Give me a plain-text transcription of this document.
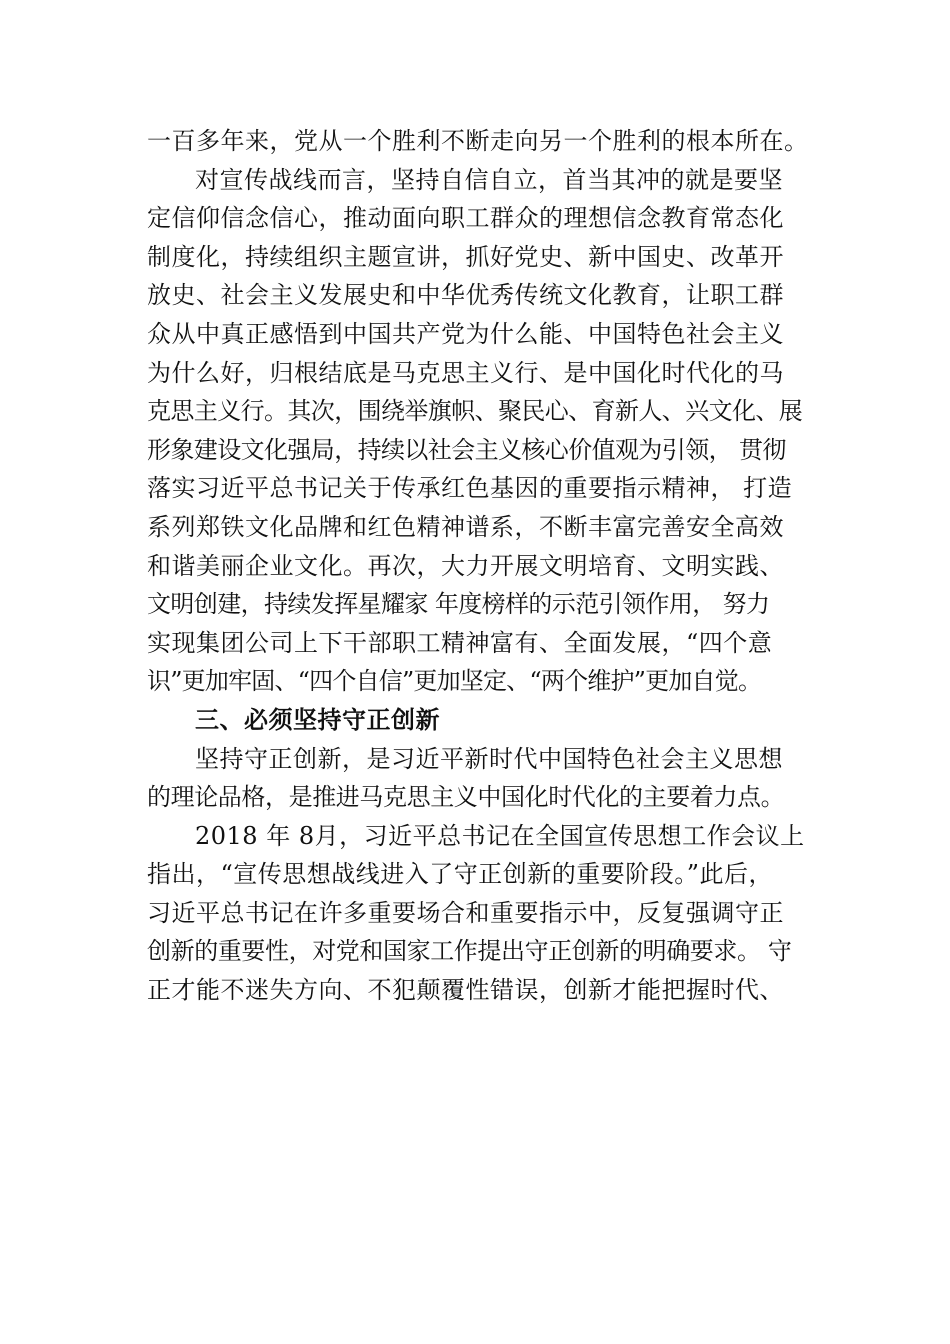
一百多年来，党从一个胜利不断走向另一个胜利的根本所在。
对宣传战线而言，坚持自信自立，首当其冲的就是要坚
定信仰信念信心，推动面向职工群众的理想信念教育常态化
制度化，持续组织主题宣讲，抓好党史、新中国史、改革开
放史、社会主义发展史和中华优秀传统文化教育，让职工群
众从中真正感悟到中国共产党为什么能、中国特色社会主义
为什么好，归根结底是马克思主义行、是中国化时代化的马
克思主义行。其次，围绕举旗帜、聚民心、育新人、兴文化、展
形象建设文化强局，持续以社会主义核心价值观为引领， 贯彻
落实习近平总书记关于传承红色基因的重要指示精神， 打造
系列郑铁文化品牌和红色精神谱系，不断丰富完善安全高效
和谐美丽企业文化。再次，大力开展文明培育、文明实践、
文明创建，持续发挥星耀家 年度榜样的示范引领作用， 努力
实现集团公司上下干部职工精神富有、全面发展，“四个意
识”更加牢固、“四个自信”更加坚定、“两个维护”更加自觉。
三、必须坚持守正创新
坚持守正创新，是习近平新时代中国特色社会主义思想
的理论品格，是推进马克思主义中国化时代化的主要着力点。
2018 年 8月，习近平总书记在全国宣传思想工作会议上
指出，“宣传思想战线进入了守正创新的重要阶段。”此后，
习近平总书记在许多重要场合和重要指示中，反复强调守正
创新的重要性，对党和国家工作提出守正创新的明确要求。 守
正才能不迷失方向、不犯颠覆性错误，创新才能把握时代、
